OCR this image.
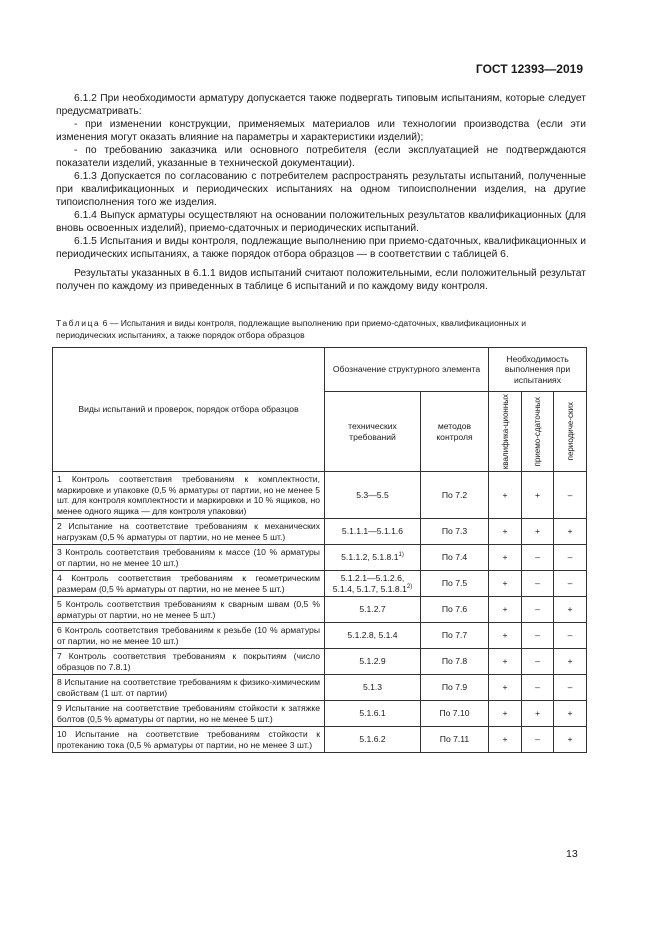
ГОСТ 12393—2019

6.1.2 При необходимости арматуру допускается также подвергать типовым испытаниям, которые следует предусматривать:

- при изменении конструкции, применяемых материалов или технологии производства (если эти изменения могут оказать влияние на параметры и характеристики изделий);

- по требованию заказчика или основного потребителя (если эксплуатацией не подтверждаются показатели изделий, указанные в технической документации).

6.1.3 Допускается по согласованию с потребителем распространять результаты испытаний, полученные при квалификационных и периодических испытаниях на одном типоисполнении изделия, на другие типоисполнения того же изделия.

6.1.4 Выпуск арматуры осуществляют на основании положительных результатов квалификационных (для вновь освоенных изделий), приемо-сдаточных и периодических испытаний.

6.1.5 Испытания и виды контроля, подлежащие выполнению при приемо-сдаточных, квалификационных и периодических испытаниях, а также порядок отбора образцов — в соответствии с таблицей 6.

Результаты указанных в 6.1.1 видов испытаний считают положительными, если положительный результат получен по каждому из приведенных в таблице 6 испытаний и по каждому виду контроля.

Таблица 6 — Испытания и виды контроля, подлежащие выполнению при приемо-сдаточных, квалификационных и периодических испытаниях, а также порядок отбора образцов
Виды испытаний и проверок, порядок отбора образцов	Обозначение структурного элемента		Необходимость выполнения при испытаниях		
	технических требований	методов контроля	квалифика-ционных	приемо-сдаточных	периодиче-ских

1 Контроль соответствия требованиям к комплектности, маркировке и упаковке (0,5 % арматуры от партии, но не менее 5 шт. для контроля комплектности и маркировки и 10 % ящиков, но менее одного ящика — для контроля упаковки)	5.3—5.5	По 7.2	+	+	–
2 Испытание на соответствие требованиям к механических нагрузкам (0,5 % арматуры от партии, но не менее 5 шт.)	5.1.1.1—5.1.1.6	По 7.3	+	+	+
3 Контроль соответствия требованиям к массе (10 % арматуры от партии, но не менее 10 шт.)	5.1.1.2, 5.1.8.1$^{1)}$	По 7.4	+	–	–
4 Контроль соответствия требованиям к геометрическим размерам (0,5 % арматуры от партии, но не менее 5 шт.)	5.1.2.1—5.1.2.6, 5.1.4, 5.1.7, 5.1.8.1$^{2)}$	По 7.5	+	–	–
5 Контроль соответствия требованиям к сварным швам (0,5 % арматуры от партии, но не менее 5 шт.)	5.1.2.7	По 7.6	+	–	+
6 Контроль соответствия требованиям к резьбе (10 % арматуры от партии, но не менее 10 шт.)	5.1.2.8, 5.1.4	По 7.7	+	–	–
7 Контроль соответствия требованиям к покрытиям (число образцов по 7.8.1)	5.1.2.9	По 7.8	+	–	+
8 Испытание на соответствие требованиям к физико-химическим свойствам (1 шт. от партии)	5.1.3	По 7.9	+	–	–
9 Испытание на соответствие требованиям стойкости к затяжке болтов (0,5 % арматуры от партии, но не менее 5 шт.)	5.1.6.1	По 7.10	+	+	+
10 Испытание на соответствие требованиям стойкости к протеканию тока (0,5 % арматуры от партии, но не менее 3 шт.)	5.1.6.2	По 7.11	+	–	+
13
